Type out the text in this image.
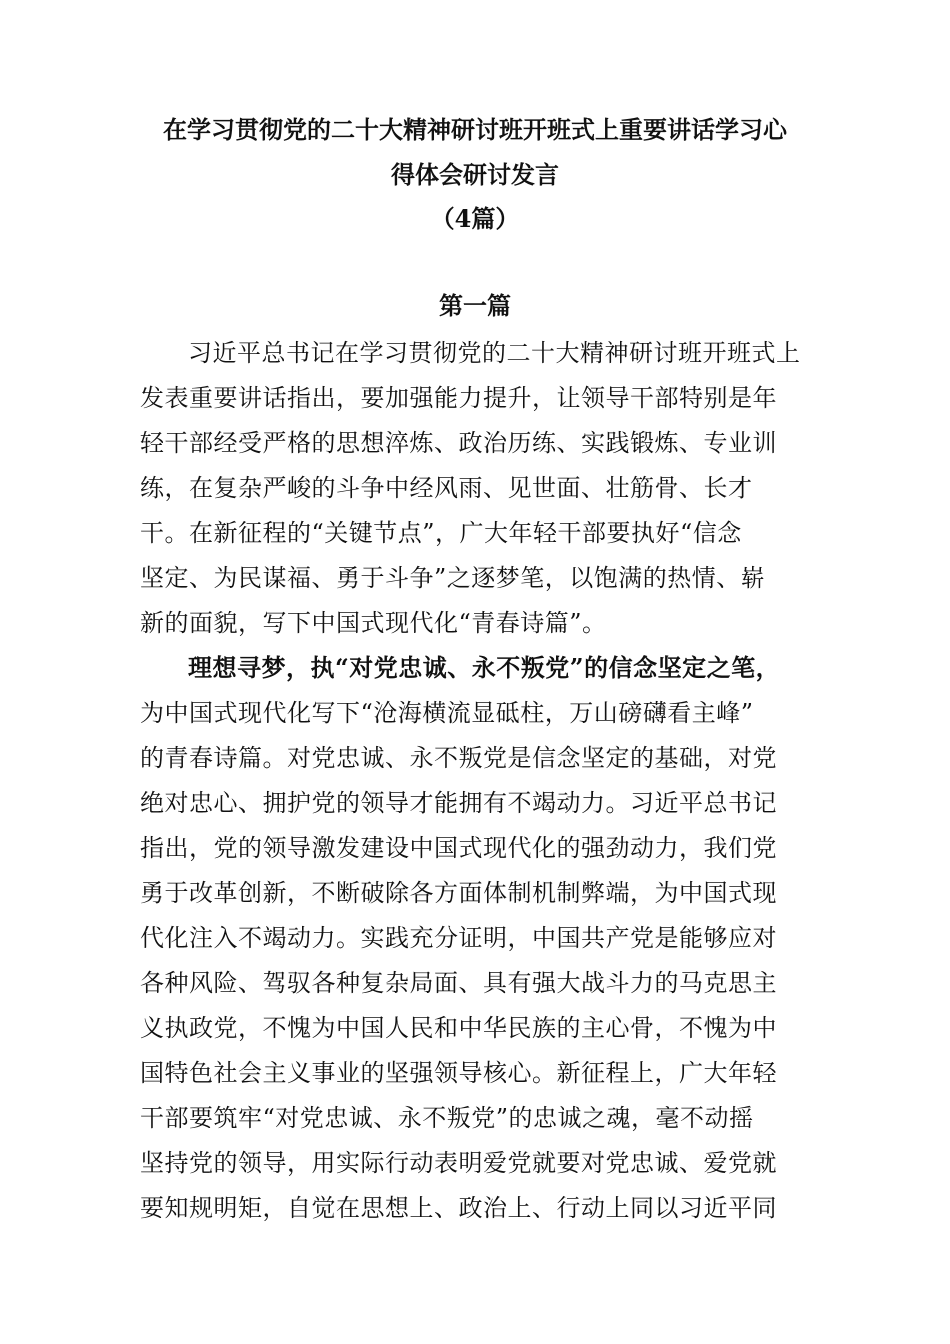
在学习贯彻党的二十大精神研讨班开班式上重要讲话学习心
得体会研讨发言
（4篇）
第一篇
习近平总书记在学习贯彻党的二十大精神研讨班开班式上
发表重要讲话指出，要加强能力提升，让领导干部特别是年
轻干部经受严格的思想淬炼、政治历练、实践锻炼、专业训
练，在复杂严峻的斗争中经风雨、见世面、壮筋骨、长才
干。在新征程的“关键节点”，广大年轻干部要执好“信念
坚定、为民谋福、勇于斗争”之逐梦笔，以饱满的热情、崭
新的面貌，写下中国式现代化“青春诗篇”。
理想寻梦，执“对党忠诚、永不叛党”的信念坚定之笔，
为中国式现代化写下“沧海横流显砥柱，万山磅礴看主峰”
的青春诗篇。对党忠诚、永不叛党是信念坚定的基础，对党
绝对忠心、拥护党的领导才能拥有不竭动力。习近平总书记
指出，党的领导激发建设中国式现代化的强劲动力，我们党
勇于改革创新，不断破除各方面体制机制弊端，为中国式现
代化注入不竭动力。实践充分证明，中国共产党是能够应对
各种风险、驾驭各种复杂局面、具有强大战斗力的马克思主
义执政党，不愧为中国人民和中华民族的主心骨，不愧为中
国特色社会主义事业的坚强领导核心。新征程上，广大年轻
干部要筑牢“对党忠诚、永不叛党”的忠诚之魂，毫不动摇
坚持党的领导，用实际行动表明爱党就要对党忠诚、爱党就
要知规明矩，自觉在思想上、政治上、行动上同以习近平同
